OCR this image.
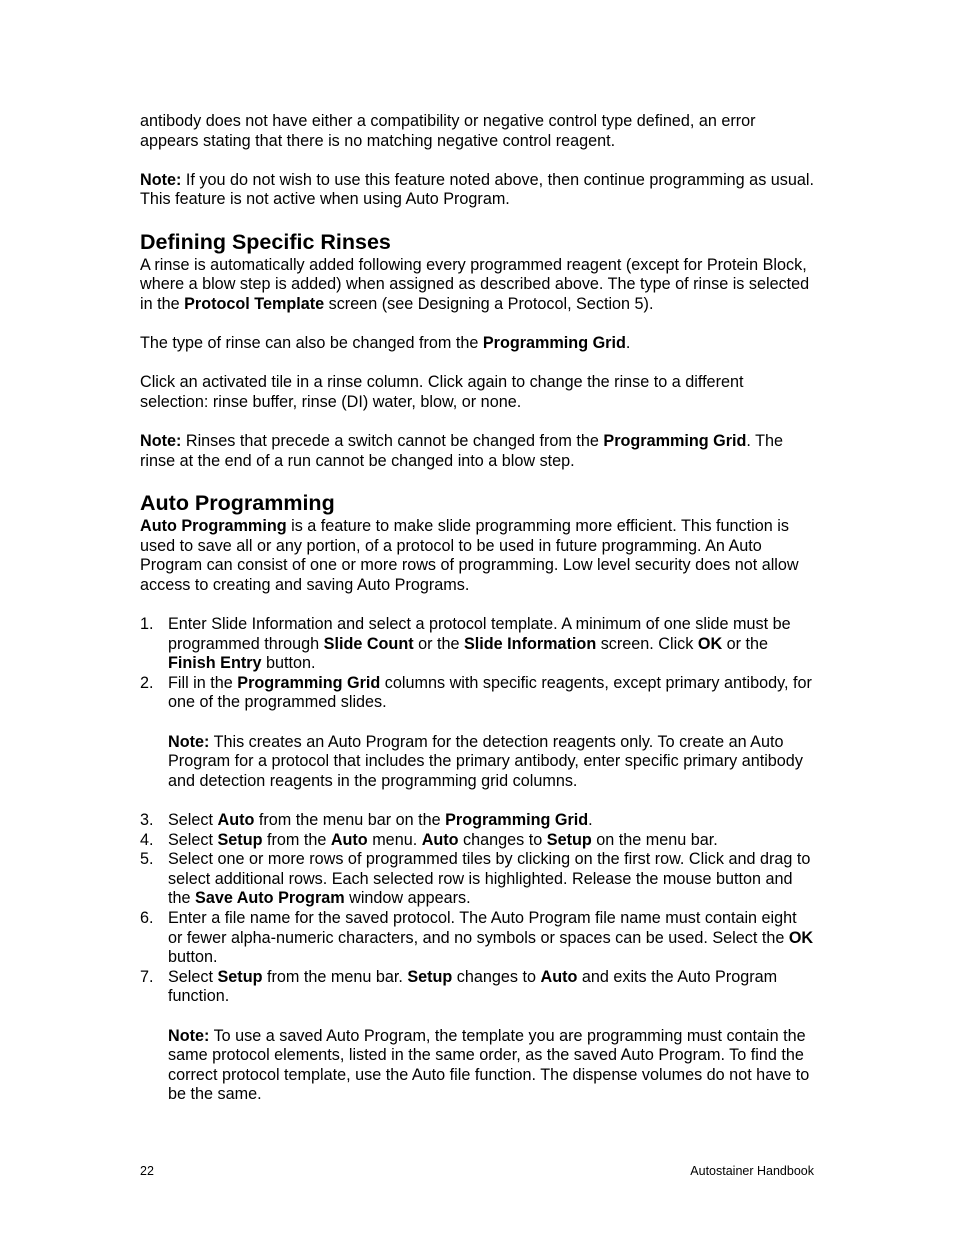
antibody does not have either a compatibility or negative control type defined, an error appears stating that there is no matching negative control reagent.

Note: If you do not wish to use this feature noted above, then continue programming as usual. This feature is not active when using Auto Program.

Defining Specific Rinses

A rinse is automatically added following every programmed reagent (except for Protein Block, where a blow step is added) when assigned as described above. The type of rinse is selected in the Protocol Template screen (see Designing a Protocol, Section 5).

The type of rinse can also be changed from the Programming Grid.

Click an activated tile in a rinse column. Click again to change the rinse to a different selection: rinse buffer, rinse (DI) water, blow, or none.

Note: Rinses that precede a switch cannot be changed from the Programming Grid. The rinse at the end of a run cannot be changed into a blow step.

Auto Programming

Auto Programming is a feature to make slide programming more efficient. This function is used to save all or any portion, of a protocol to be used in future programming. An Auto Program can consist of one or more rows of programming. Low level security does not allow access to creating and saving Auto Programs.

1. Enter Slide Information and select a protocol template. A minimum of one slide must be programmed through Slide Count or the Slide Information screen. Click OK or the Finish Entry button.
2. Fill in the Programming Grid columns with specific reagents, except primary antibody, for one of the programmed slides.

Note: This creates an Auto Program for the detection reagents only. To create an Auto Program for a protocol that includes the primary antibody, enter specific primary antibody and detection reagents in the programming grid columns.

3. Select Auto from the menu bar on the Programming Grid.
4. Select Setup from the Auto menu. Auto changes to Setup on the menu bar.
5. Select one or more rows of programmed tiles by clicking on the first row. Click and drag to select additional rows. Each selected row is highlighted. Release the mouse button and the Save Auto Program window appears.
6. Enter a file name for the saved protocol. The Auto Program file name must contain eight or fewer alpha-numeric characters, and no symbols or spaces can be used. Select the OK button.
7. Select Setup from the menu bar. Setup changes to Auto and exits the Auto Program function.

Note: To use a saved Auto Program, the template you are programming must contain the same protocol elements, listed in the same order, as the saved Auto Program. To find the correct protocol template, use the Auto file function. The dispense volumes do not have to be the same.

22	Autostainer Handbook
